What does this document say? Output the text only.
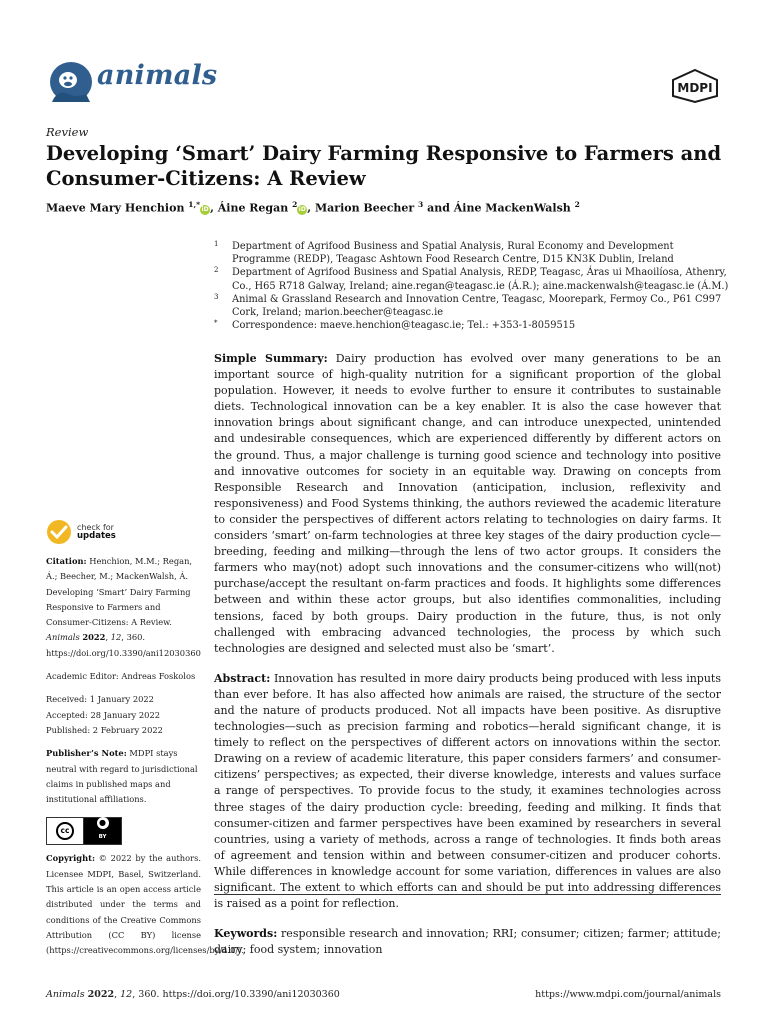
animals	MDPI
Review
Developing ‘Smart’ Dairy Farming Responsive to Farmers and Consumer-Citizens: A Review
Maeve Mary Henchion $^{1,*}$iD, Áine Regan $^2$iD, Marion Beecher $^3$ and Áine MackenWalsh $^2$
1 Department of Agrifood Business and Spatial Analysis, Rural Economy and Development Programme (REDP), Teagasc Ashtown Food Research Centre, D15 KN3K Dublin, Ireland
2 Department of Agrifood Business and Spatial Analysis, REDP, Teagasc, Áras ui Mhaoilíosa, Athenry, Co., H65 R718 Galway, Ireland; aine.regan@teagasc.ie (Á.R.); aine.mackenwalsh@teagasc.ie (Á.M.)
3 Animal & Grassland Research and Innovation Centre, Teagasc, Moorepark, Fermoy Co., P61 C997 Cork, Ireland; marion.beecher@teagasc.ie
* Correspondence: maeve.henchion@teagasc.ie; Tel.: +353-1-8059515
check for
updates

Citation: Henchion, M.M.; Regan, Á.; Beecher, M.; MackenWalsh, Á. Developing ‘Smart’ Dairy Farming Responsive to Farmers and Consumer-Citizens: A Review. Animals 2022, 12, 360. https://doi.org/10.3390/ani12030360

Academic Editor: Andreas Foskolos

Received: 1 January 2022
Accepted: 28 January 2022
Published: 2 February 2022

Publisher’s Note: MDPI stays neutral with regard to jurisdictional claims in published maps and institutional affiliations.

cc
●
BY

Copyright: © 2022 by the authors. Licensee MDPI, Basel, Switzerland. This article is an open access article distributed under the terms and conditions of the Creative Commons Attribution (CC BY) license (https://creativecommons.org/licenses/by/4.0/).

Simple Summary: Dairy production has evolved over many generations to be an important source of high-quality nutrition for a significant proportion of the global population. However, it needs to evolve further to ensure it contributes to sustainable diets. Technological innovation can be a key enabler. It is also the case however that innovation brings about significant change, and can introduce unexpected, unintended and undesirable consequences, which are experienced differently by different actors on the ground. Thus, a major challenge is turning good science and technology into positive and innovative outcomes for society in an equitable way. Drawing on concepts from Responsible Research and Innovation (anticipation, inclusion, reflexivity and responsiveness) and Food Systems thinking, the authors reviewed the academic literature to consider the perspectives of different actors relating to technologies on dairy farms. It considers ‘smart’ on-farm technologies at three key stages of the dairy production cycle—breeding, feeding and milking—through the lens of two actor groups. It considers the farmers who may(not) adopt such innovations and the consumer-citizens who will(not) purchase/accept the resultant on-farm practices and foods. It highlights some differences between and within these actor groups, but also identifies commonalities, including tensions, faced by both groups. Dairy production in the future, thus, is not only challenged with embracing advanced technologies, the process by which such technologies are designed and selected must also be ‘smart’.

Abstract: Innovation has resulted in more dairy products being produced with less inputs than ever before. It has also affected how animals are raised, the structure of the sector and the nature of products produced. Not all impacts have been positive. As disruptive technologies—such as precision farming and robotics—herald significant change, it is timely to reflect on the perspectives of different actors on innovations within the sector. Drawing on a review of academic literature, this paper considers farmers’ and consumer-citizens’ perspectives; as expected, their diverse knowledge, interests and values surface a range of perspectives. To provide focus to the study, it examines technologies across three stages of the dairy production cycle: breeding, feeding and milking. It finds that consumer-citizen and farmer perspectives have been examined by researchers in several countries, using a variety of methods, across a range of technologies. It finds both areas of agreement and tension within and between consumer-citizen and producer cohorts. While differences in knowledge account for some variation, differences in values are also significant. The extent to which efforts can and should be put into addressing differences is raised as a point for reflection.

Keywords: responsible research and innovation; RRI; consumer; citizen; farmer; attitude; dairy; food system; innovation

Animals 2022, 12, 360. https://doi.org/10.3390/ani12030360	https://www.mdpi.com/journal/animals
